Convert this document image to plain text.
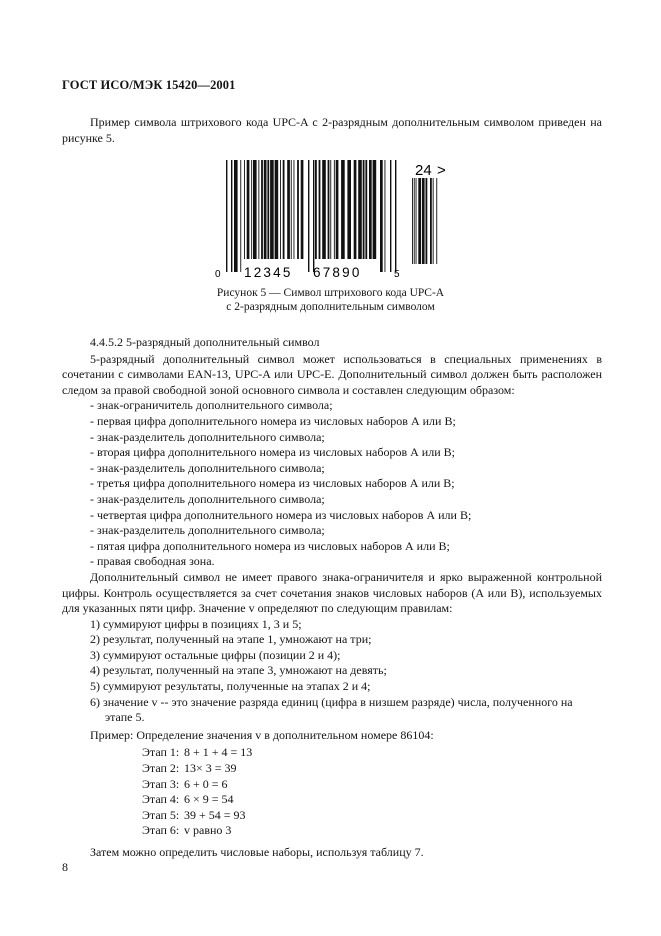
ГОСТ ИСО/МЭК 15420—2001

Пример символа штрихового кода UPC-A с 2-разрядным дополнительным символом приведен на рисунке 5.

24 >
0 12345 67890	5
Рисунок 5 — Символ штрихового кода UPC-A
с 2-разрядным дополнительным символом

4.4.5.2 5-разрядный дополнительный символ

5-разрядный дополнительный символ может использоваться в специальных применениях в сочетании с символами EAN-13, UPC-A или UPC-E. Дополнительный символ должен быть расположен следом за правой свободной зоной основного символа и составлен следующим образом:

- знак-ограничитель дополнительного символа;

- первая цифра дополнительного номера из числовых наборов А или В;

- знак-разделитель дополнительного символа;

- вторая цифра дополнительного номера из числовых наборов А или В;

- знак-разделитель дополнительного символа;

- третья цифра дополнительного номера из числовых наборов А или В;

- знак-разделитель дополнительного символа;

- четвертая цифра дополнительного номера из числовых наборов А или В;

- знак-разделитель дополнительного символа;

- пятая цифра дополнительного номера из числовых наборов А или В;

- правая свободная зона.

Дополнительный символ не имеет правого знака-ограничителя и ярко выраженной контрольной цифры. Контроль осуществляется за счет сочетания знаков числовых наборов (А или В), используемых для указанных пяти цифр. Значение v определяют по следующим правилам:

1) суммируют цифры в позициях 1, 3 и 5;

2) результат, полученный на этапе 1, умножают на три;

3) суммируют остальные цифры (позиции 2 и 4);

4) результат, полученный на этапе 3, умножают на девять;

5) суммируют результаты, полученные на этапах 2 и 4;

6) значение v -- это значение разряда единиц (цифра в низшем разряде) числа, полученного на этапе 5.

Пример: Определение значения v в дополнительном номере 86104:

Этап 1: 8 + 1 + 4 = 13
Этап 2: 13× 3 = 39
Этап 3: 6 + 0 = 6
Этап 4: 6 × 9 = 54
Этап 5: 39 + 54 = 93
Этап 6: v равно 3

Затем можно определить числовые наборы, используя таблицу 7.

8
